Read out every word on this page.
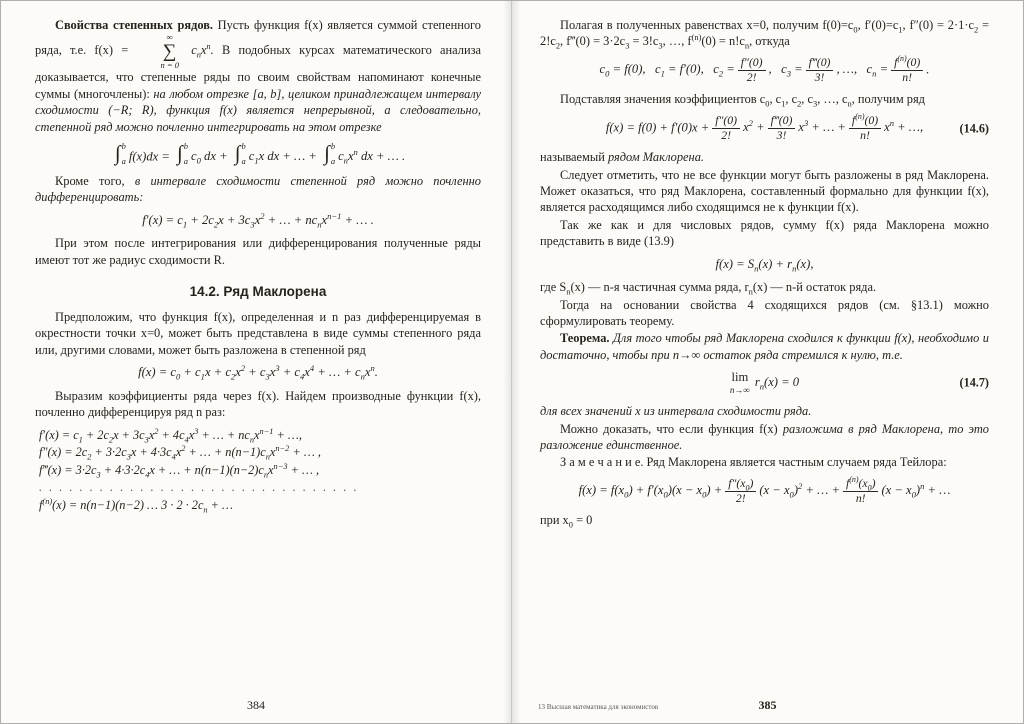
Свойства степенных рядов. Пусть функция f(x) является суммой степенного ряда, т.е. f(x) =
∞
∑
n = 0
$c_nx^n$. В подобных курсах математического анализа доказывается, что степенные ряды по своим свойствам напоминают конечные суммы (многочлены): на любом отрезке [a, b], целиком принадлежащем интервалу сходимости (−R; R), функция f(x) является непрерывной, а следовательно, степенной ряд можно почленно интегрировать на этом отрезке

∫ b
a f(x)dx = ∫ b
a $c_0$ dx + ∫ b
a $c_1x$ dx + … + ∫ b
a $c_nx^n$ dx + … .

Кроме того, в интервале сходимости степенной ряд можно почленно дифференцировать:

$f'(x) = c_1 + 2c_2x + 3c_3x^2$ + … + $nc_nx^{n-1}$ + … .

При этом после интегрирования или дифференцирования полученные ряды имеют тот же радиус сходимости R.

14.2. Ряд Маклорена

Предположим, что функция f(x), определенная и n раз дифференцируемая в окрестности точки x=0, может быть представлена в виде суммы степенного ряда или, другими словами, может быть разложена в степенной ряд

$f(x) = c_0 + c_1x + c_2x^2 + c_3x^3 + c_4x^4$ + … + $c_nx^n$.

Выразим коэффициенты ряда через f(x). Найдем производные функции f(x), почленно дифференцируя ряд n раз:

$f'(x) = c_1 + 2c_2x + 3c_3x^2 + 4c_4x^3$ + … + $nc_nx^{n-1}$ + …,
$f''(x) = 2c_2 + 3\cdot 2c_3x + 4\cdot 3c_4x^2$ + … + $n(n-1)c_nx^{n-2}$ + … ,
f‴(x) = $3\cdot 2c_3 + 4\cdot 3\cdot 2c_4x$ + … + $n(n-1)(n-2)c_nx^{n-3}$ + … ,
. . . . . . . . . . . . . . . . . . . . . . . . . . . . . . . .
$f^{(n)}(x) = n(n-1)(n-2)$ … $3 \cdot 2 \cdot 2c_n$ + …
384

Полагая в полученных равенствах x=0, получим $f(0)=c_0$, $f'(0)=c_1$, $f''(0) = 2\cdot 1\cdot c_2 = 2!c_2$, f‴(0) = $3\cdot 2c_3 = 3!c_3$, …, $f^{(n)}(0) = n!c_n$, откуда

$c_0 = f(0)$,  $c_1 = f'(0)$,  $c_2 = \frac{f''(0)}{2!}$ ,  $c_3 = \frac{f‴(0)}{3!}$ , …,  $c_n = \frac{f^{(n)}(0)}{n!}$ .

Подставляя значения коэффициентов $c_0$, $c_1$, $c_2$, $c_3$, …, $c_n$, получим ряд

$f(x) = f(0) + f'(0)x + \frac{f''(0)}{2!} x^2 + \frac{f‴(0)}{3!} x^3$ + … + $\frac{f^{(n)}(0)}{n!} x^n$ + …,	(14.6)

называемый рядом Маклорена.

Следует отметить, что не все функции могут быть разложены в ряд Маклорена. Может оказаться, что ряд Маклорена, составленный формально для функции f(x), является расходящимся либо сходящимся не к функции f(x).

Так же как и для числовых рядов, сумму f(x) ряда Маклорена можно представить в виде (13.9)

$f(x) = S_n(x) + r_n(x)$,

где $S_n(x)$ — n-я частичная сумма ряда, $r_n(x)$ — n-й остаток ряда.

Тогда на основании свойства 4 сходящихся рядов (см. §13.1) можно сформулировать теорему.

Теорема. Для того чтобы ряд Маклорена сходился к функции f(x), необходимо и достаточно, чтобы при n→∞ остаток ряда стремился к нулю, т.е.

lim
n→∞
$r_n(x) = 0$	(14.7)

для всех значений x из интервала сходимости ряда.

Можно доказать, что если функция f(x) разложима в ряд Маклорена, то это разложение единственное.

З а м е ч а н и е. Ряд Маклорена является частным случаем ряда Тейлора:

$f(x) = f(x_0) + f'(x_0)(x - x_0) + \frac{f''(x_0)}{2!} (x - x_0)^2$ + … + $\frac{f^{(n)}(x_0)}{n!} (x - x_0)^n$ + …

при $x_0 = 0$

13 Высшая математика для экономистов	385
